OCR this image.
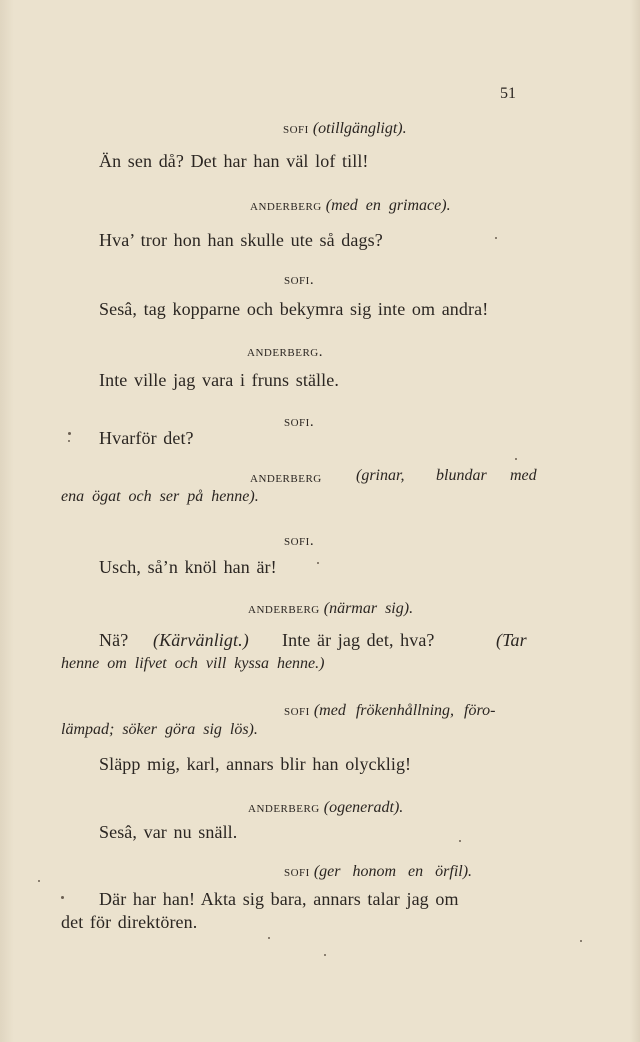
51
sofi (otillgängligt).
Än sen då? Det har han väl lof till!
anderberg (med en grimace).
Hva’ tror hon han skulle ute så dags?
sofi.
Sesâ, tag kopparne och bekymra sig inte om andra!
anderberg.
Inte ville jag vara i fruns ställe.
sofi.
Hvarför det?
anderberg (grinar, blundar med
ena ögat och ser på henne).
sofi.
Usch, så’n knöl han är!
anderberg (närmar sig).
Nä? (Kärvänligt.) Inte är jag det, hva?	(Tar
henne om lifvet och vill kyssa henne.)
sofi (med frökenhållning, föro-
lämpad; söker göra sig lös).
Släpp mig, karl, annars blir han olycklig!
anderberg (ogeneradt).
Sesâ, var nu snäll.
sofi (ger honom en örfil).
Där har han! Akta sig bara, annars talar jag om
det för direktören.
